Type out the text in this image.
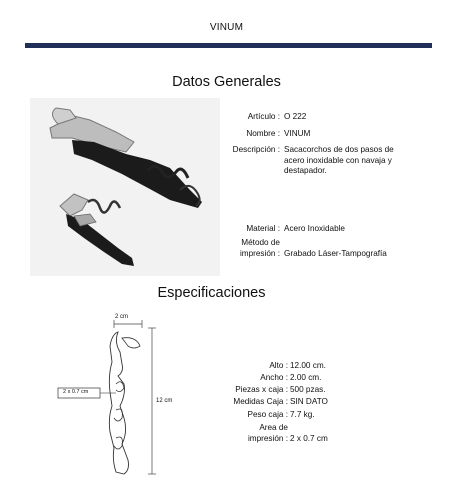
VINUM
Datos Generales
Artículo : O 222
Nombre : VINUM
Descripción : Sacacorchos de dos pasos de
acero inoxidable con navaja y
destapador.
Material : Acero Inoxidable
Método de
impresión : Grabado Láser-Tampografía
Especificaciones
2 cm
12 cm
2 x 0.7 cm
Alto : 12.00 cm.
Ancho : 2.00 cm.
Piezas x caja : 500 pzas.
Medidas Caja : SIN DATO
Peso caja : 7.7 kg.
Area de
impresión : 2 x 0.7 cm
